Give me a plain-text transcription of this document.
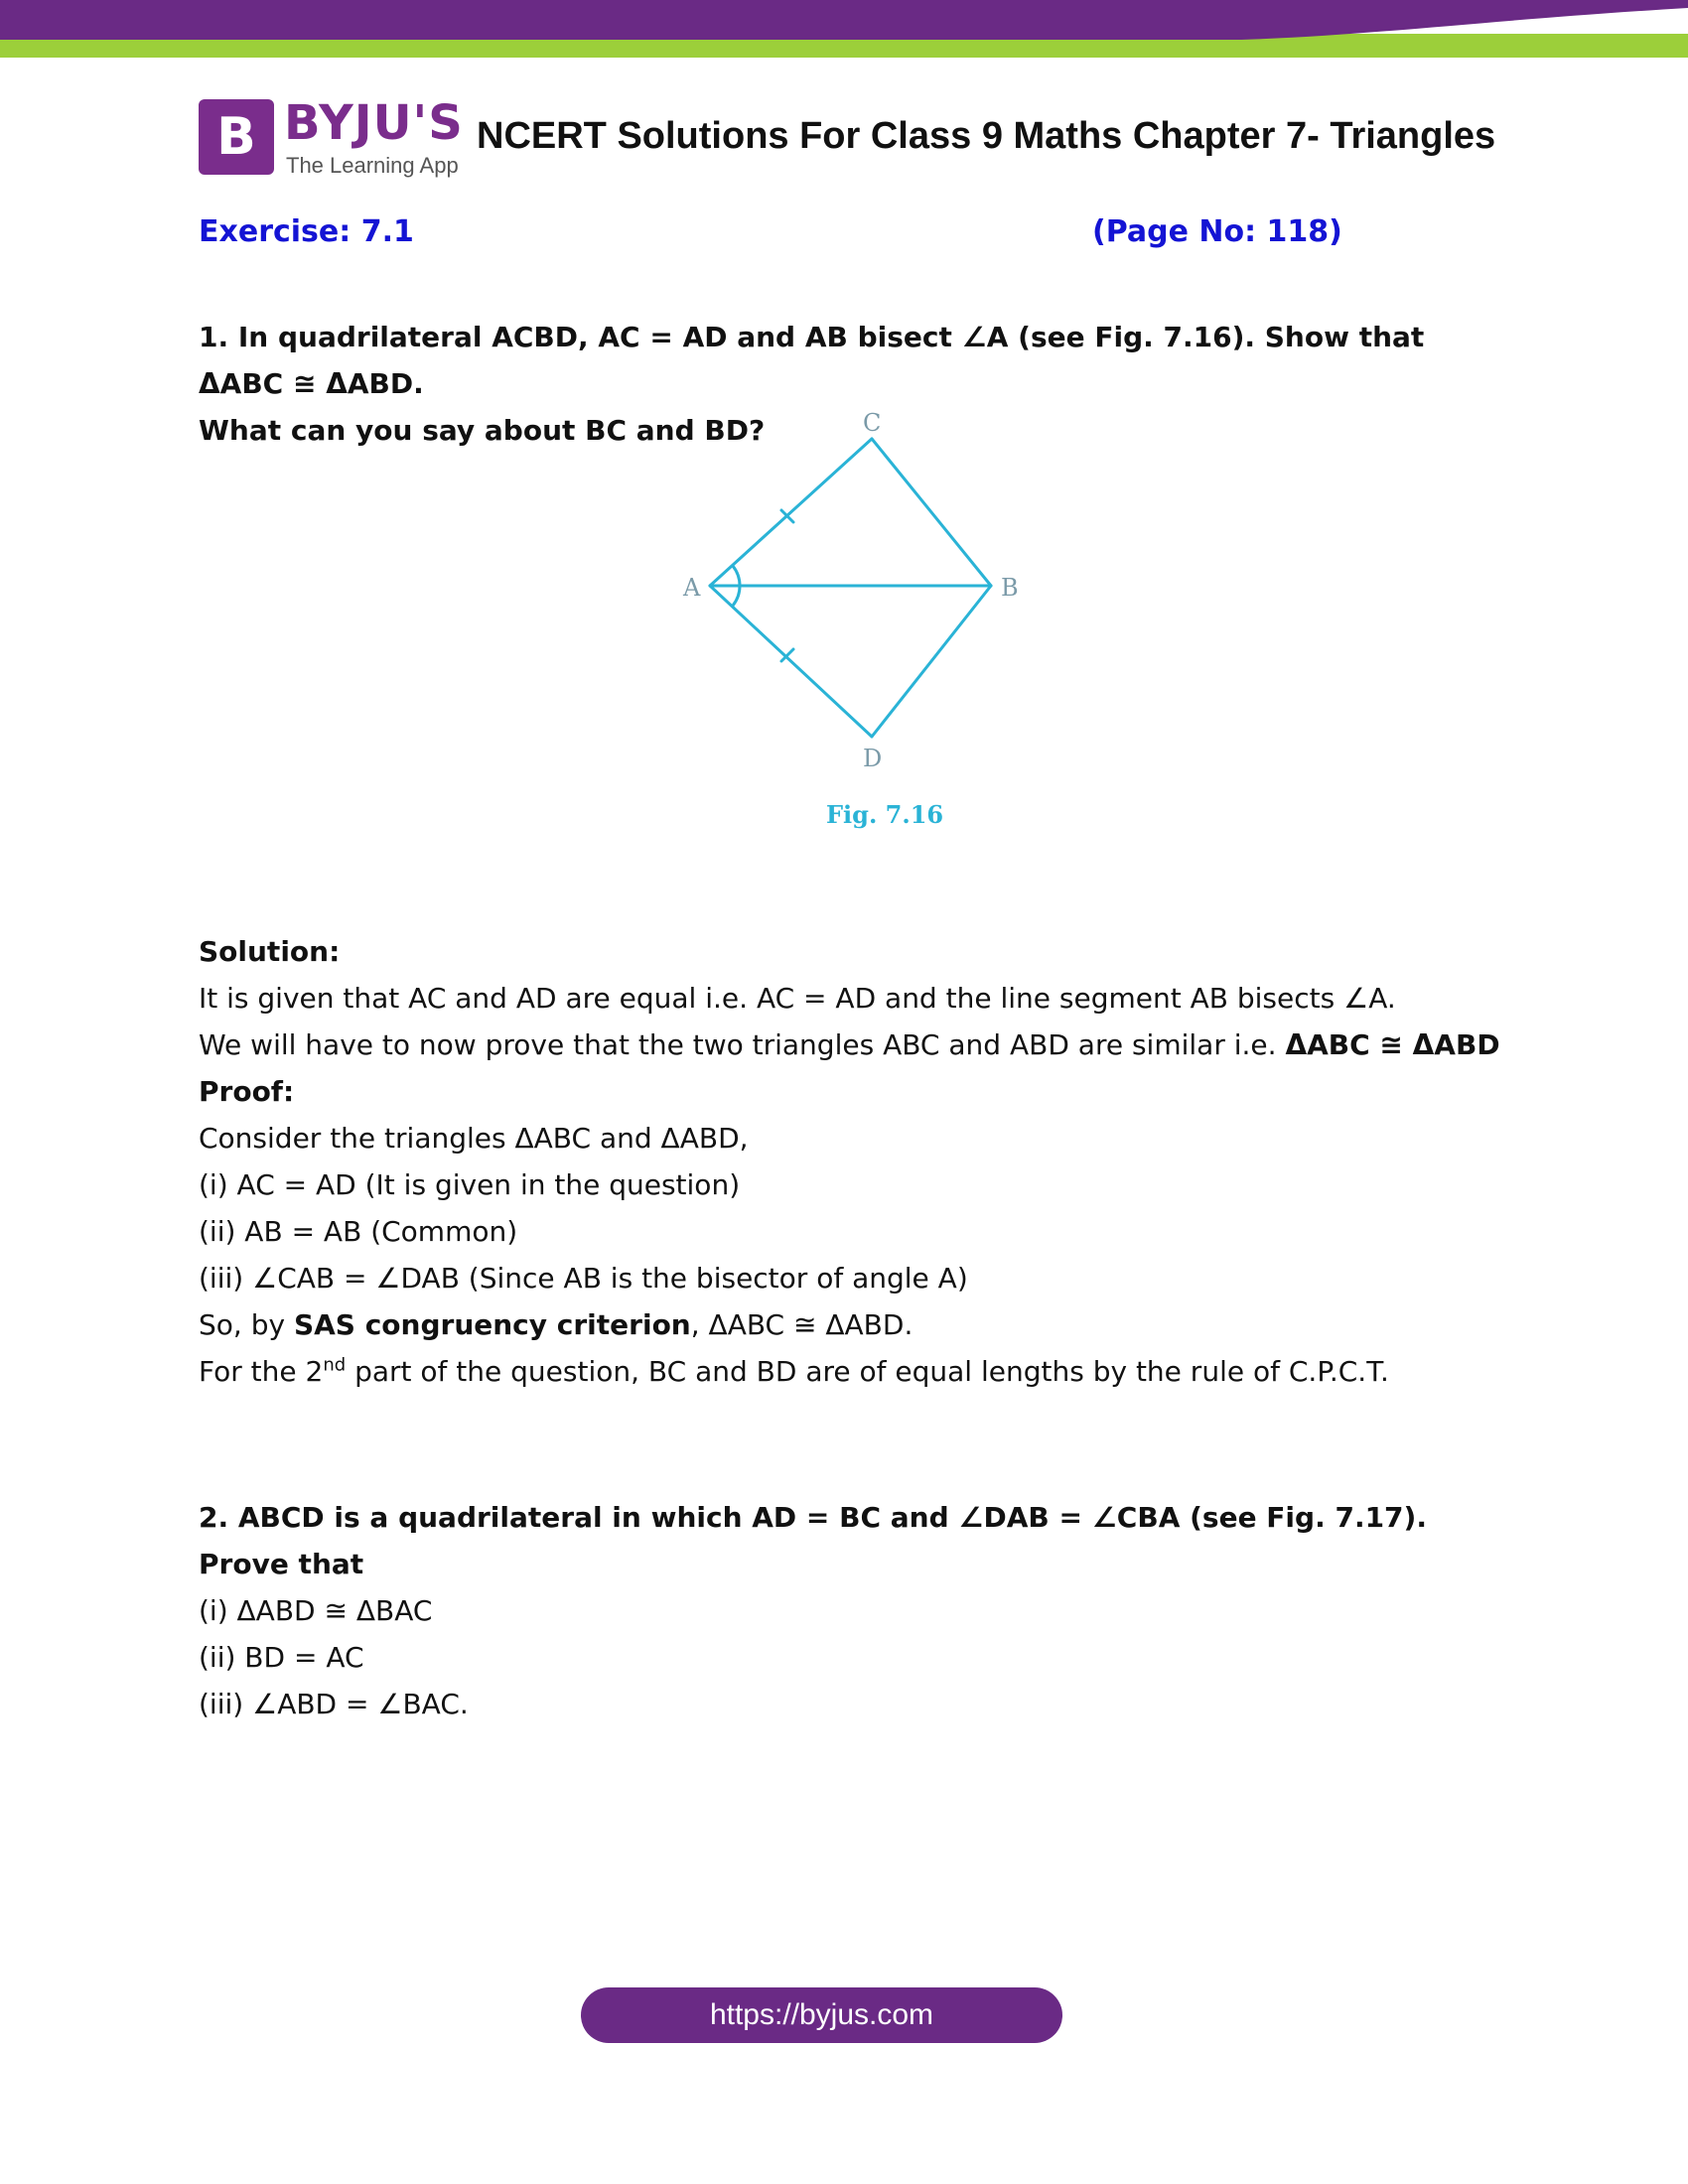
B BYJU'S
The Learning App
NCERT Solutions For Class 9 Maths Chapter 7- Triangles
Exercise: 7.1	(Page No: 118)
1. In quadrilateral ACBD, AC = AD and AB bisect ∠A (see Fig. 7.16). Show that ΔABC ≅ ΔABD.
What can you say about BC and BD?
A	B
C
D
Fig. 7.16
Solution:
It is given that AC and AD are equal i.e. AC = AD and the line segment AB bisects ∠A.
We will have to now prove that the two triangles ABC and ABD are similar i.e. ΔABC ≅ ΔABD
Proof:
Consider the triangles ΔABC and ΔABD,
(i) AC = AD (It is given in the question)
(ii) AB = AB (Common)
(iii) ∠CAB = ∠DAB (Since AB is the bisector of angle A)
So, by SAS congruency criterion, ΔABC ≅ ΔABD.
For the 2nd part of the question, BC and BD are of equal lengths by the rule of C.P.C.T.
2. ABCD is a quadrilateral in which AD = BC and ∠DAB = ∠CBA (see Fig. 7.17). Prove that
(i) ΔABD ≅ ΔBAC
(ii) BD = AC
(iii) ∠ABD = ∠BAC.
https://byjus.com
